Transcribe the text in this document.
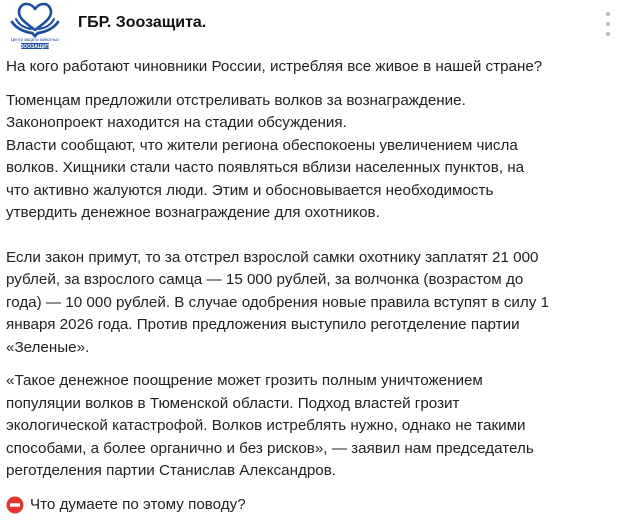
Центр защиты животных
ЗООЗАЩИТ
ГБР. Зоозащита.

На кого работают чиновники России, истребляя все живое в нашей стране?

Тюменцам предложили отстреливать волков за вознаграждение.
Законопроект находится на стадии обсуждения.
Власти сообщают, что жители региона обеспокоены увеличением числа
волков. Хищники стали часто появляться вблизи населенных пунктов, на
что активно жалуются люди. Этим и обосновывается необходимость
утвердить денежное вознаграждение для охотников.

Если закон примут, то за отстрел взрослой самки охотнику заплатят 21 000
рублей, за взрослого самца — 15 000 рублей, за волчонка (возрастом до
года) — 10 000 рублей. В случае одобрения новые правила вступят в силу 1
января 2026 года. Против предложения выступило реготделение партии
«Зеленые».
«Такое денежное поощрение может грозить полным уничтожением
популяции волков в Тюменской области. Подход властей грозит
экологической катастрофой. Волков истреблять нужно, однако не такими
способами, а более органично и без рисков», — заявил нам председатель
реготделения партии Станислав Александров.
Что думаете по этому поводу?
